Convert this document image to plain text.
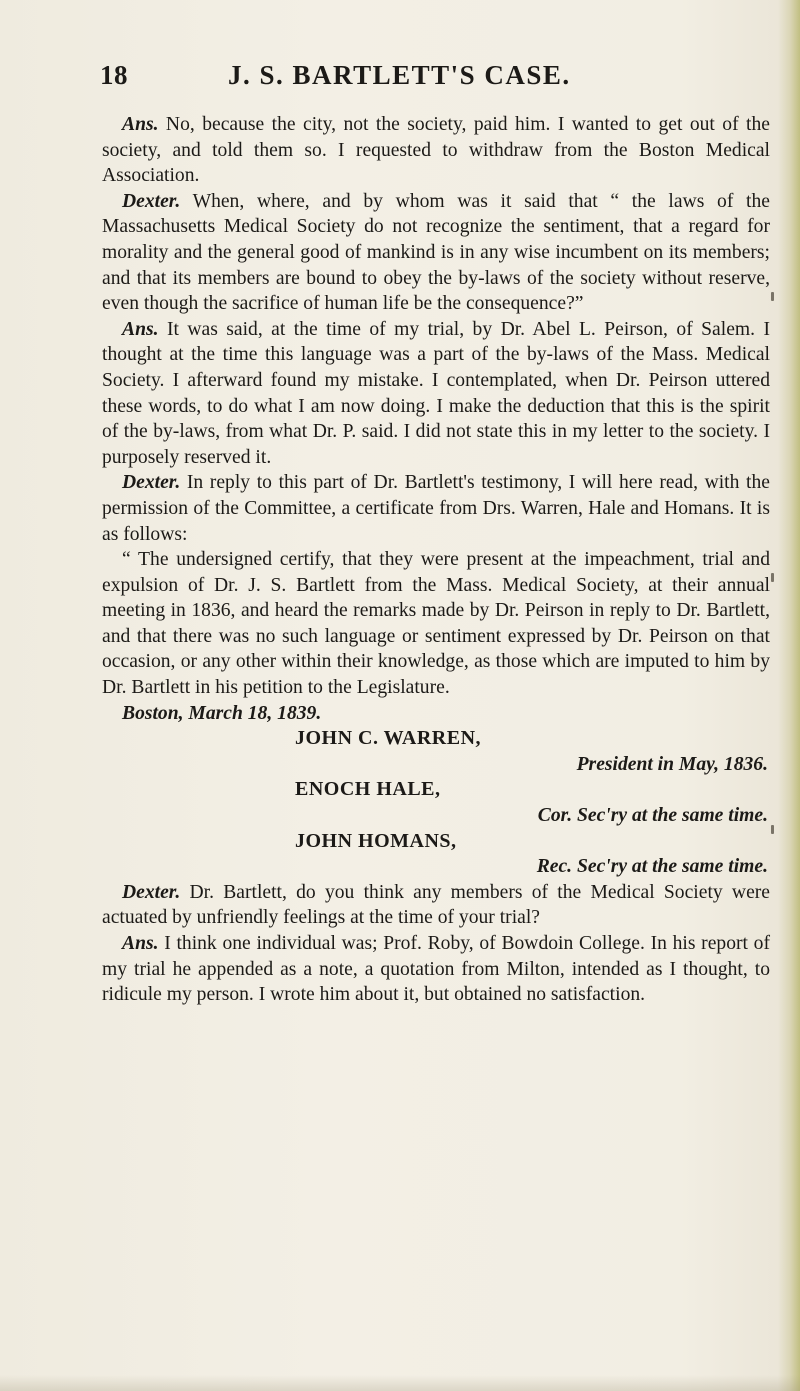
18	J. S. BARTLETT'S CASE.

Ans. No, because the city, not the society, paid him. I wanted to get out of the society, and told them so. I requested to withdraw from the Boston Medical Association.

Dexter. When, where, and by whom was it said that “ the laws of the Massachusetts Medical Society do not recognize the sentiment, that a regard for morality and the general good of mankind is in any wise incumbent on its members; and that its members are bound to obey the by-laws of the society without reserve, even though the sacrifice of human life be the consequence?”

Ans. It was said, at the time of my trial, by Dr. Abel L. Peirson, of Salem. I thought at the time this language was a part of the by-laws of the Mass. Medical Society. I afterward found my mistake. I contemplated, when Dr. Peirson uttered these words, to do what I am now doing. I make the deduction that this is the spirit of the by-laws, from what Dr. P. said. I did not state this in my letter to the society. I purposely reserved it.

Dexter. In reply to this part of Dr. Bartlett's testimony, I will here read, with the permission of the Committee, a certificate from Drs. Warren, Hale and Homans. It is as follows:

“ The undersigned certify, that they were present at the impeachment, trial and expulsion of Dr. J. S. Bartlett from the Mass. Medical Society, at their annual meeting in 1836, and heard the remarks made by Dr. Peirson in reply to Dr. Bartlett, and that there was no such language or sentiment expressed by Dr. Peirson on that occasion, or any other within their knowledge, as those which are imputed to him by Dr. Bartlett in his petition to the Legislature.

Boston, March 18, 1839.

JOHN C. WARREN,

President in May, 1836.

ENOCH HALE,

Cor. Sec'ry at the same time.

JOHN HOMANS,

Rec. Sec'ry at the same time.

Dexter. Dr. Bartlett, do you think any members of the Medical Society were actuated by unfriendly feelings at the time of your trial?

Ans. I think one individual was; Prof. Roby, of Bowdoin College. In his report of my trial he appended as a note, a quotation from Milton, intended as I thought, to ridicule my person. I wrote him about it, but obtained no satisfaction.
